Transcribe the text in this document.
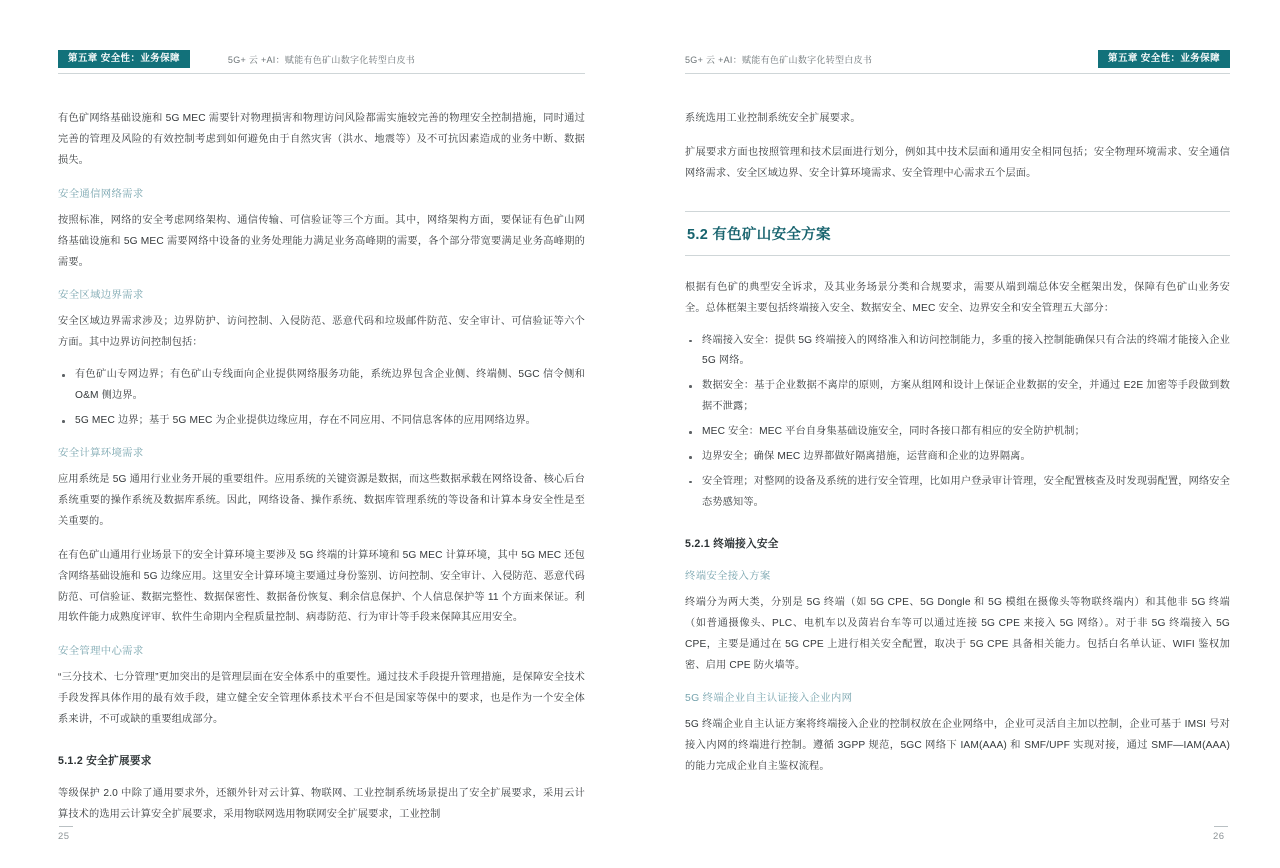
第五章 安全性：业务保障	5G+ 云 +AI：赋能有色矿山数字化转型白皮书

有色矿网络基础设施和 5G MEC 需要针对物理损害和物理访问风险都需实施较完善的物理安全控制措施，同时通过完善的管理及风险的有效控制考虑到如何避免由于自然灾害（洪水、地震等）及不可抗因素造成的业务中断、数据损失。

安全通信网络需求

按照标准，网络的安全考虑网络架构、通信传输、可信验证等三个方面。其中，网络架构方面，要保证有色矿山网络基础设施和 5G MEC 需要网络中设备的业务处理能力满足业务高峰期的需要，各个部分带宽要满足业务高峰期的需要。

安全区域边界需求

安全区域边界需求涉及；边界防护、访问控制、入侵防范、恶意代码和垃圾邮件防范、安全审计、可信验证等六个方面。其中边界访问控制包括：

有色矿山专网边界；有色矿山专线面向企业提供网络服务功能，系统边界包含企业侧、终端侧、5GC 信令侧和 O&M 侧边界。
5G MEC 边界；基于 5G MEC 为企业提供边缘应用，存在不同应用、不同信息客体的应用网络边界。
安全计算环境需求

应用系统是 5G 通用行业业务开展的重要组件。应用系统的关键资源是数据，而这些数据承载在网络设备、核心后台系统重要的操作系统及数据库系统。因此，网络设备、操作系统、数据库管理系统的等设备和计算本身安全性是至关重要的。

在有色矿山通用行业场景下的安全计算环境主要涉及 5G 终端的计算环境和 5G MEC 计算环境，其中 5G MEC 还包含网络基础设施和 5G 边缘应用。这里安全计算环境主要通过身份鉴别、访问控制、安全审计、入侵防范、恶意代码防范、可信验证、数据完整性、数据保密性、数据备份恢复、剩余信息保护、个人信息保护等 11 个方面来保证。利用软件能力成熟度评审、软件生命期内全程质量控制、病毒防范、行为审计等手段来保障其应用安全。

安全管理中心需求

“三分技术、七分管理”更加突出的是管理层面在安全体系中的重要性。通过技术手段提升管理措施，是保障安全技术手段发挥具体作用的最有效手段，建立健全安全管理体系技术平台不但是国家等保中的要求，也是作为一个安全体系来讲，不可或缺的重要组成部分。

5.1.2 安全扩展要求

等级保护 2.0 中除了通用要求外，还额外针对云计算、物联网、工业控制系统场景提出了安全扩展要求，采用云计算技术的选用云计算安全扩展要求，采用物联网选用物联网安全扩展要求，工业控制

25
5G+ 云 +AI：赋能有色矿山数字化转型白皮书	第五章 安全性：业务保障

系统选用工业控制系统安全扩展要求。

扩展要求方面也按照管理和技术层面进行划分，例如其中技术层面和通用安全相同包括；安全物理环境需求、安全通信网络需求、安全区域边界、安全计算环境需求、安全管理中心需求五个层面。

5.2 有色矿山安全方案

根据有色矿的典型安全诉求，及其业务场景分类和合规要求，需要从端到端总体安全框架出发，保障有色矿山业务安全。总体框架主要包括终端接入安全、数据安全、MEC 安全、边界安全和安全管理五大部分：

终端接入安全：提供 5G 终端接入的网络准入和访问控制能力，多重的接入控制能确保只有合法的终端才能接入企业 5G 网络。
数据安全：基于企业数据不离岸的原则，方案从组网和设计上保证企业数据的安全，并通过 E2E 加密等手段做到数据不泄露；
MEC 安全：MEC 平台自身集基础设施安全，同时各接口都有相应的安全防护机制；
边界安全；确保 MEC 边界都做好隔离措施，运营商和企业的边界隔离。
安全管理；对整网的设备及系统的进行安全管理，比如用户登录审计管理，安全配置核查及时发现弱配置，网络安全态势感知等。
5.2.1 终端接入安全
终端安全接入方案

终端分为两大类，分别是 5G 终端（如 5G CPE、5G Dongle 和 5G 模组在摄像头等物联终端内）和其他非 5G 终端（如普通摄像头、PLC、电机车以及茵岩台车等可以通过连接 5G CPE 来接入 5G 网络）。对于非 5G 终端接入 5G CPE，主要是通过在 5G CPE 上进行相关安全配置，取决于 5G CPE 具备相关能力。包括白名单认证、WIFI 鉴权加密、启用 CPE 防火墙等。

5G 终端企业自主认证接入企业内网

5G 终端企业自主认证方案将终端接入企业的控制权放在企业网络中，企业可灵活自主加以控制，企业可基于 IMSI 号对接入内网的终端进行控制。遵循 3GPP 规范，5GC 网络下 IAM(AAA) 和 SMF/UPF 实现对接，通过 SMF—IAM(AAA) 的能力完成企业自主鉴权流程。

26
